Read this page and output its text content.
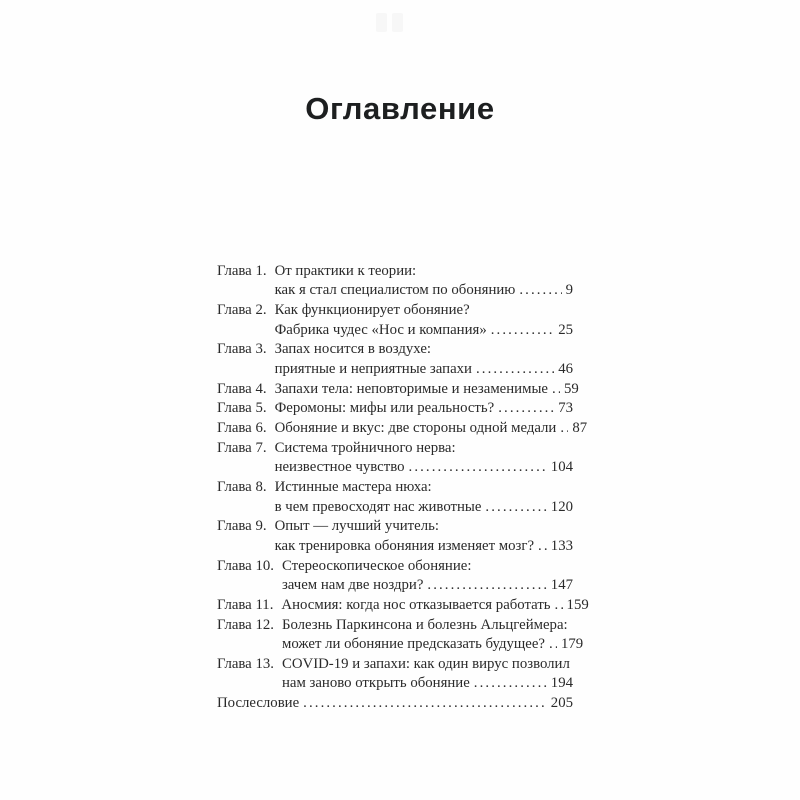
Оглавление
Глава 1. От практики к теории:
как я стал специалистом по обонянию .....	9
Глава 2. Как функционирует обоняние?
Фабрика чудес «Нос и компания» .....	25
Глава 3. Запах носится в воздухе:
приятные и неприятные запахи .....	46
Глава 4. Запахи тела: неповторимые и незаменимые ..... 59
Глава 5. Феромоны: мифы или реальность? .....	73
Глава 6. Обоняние и вкус: две стороны одной медали ..... 87
Глава 7. Система тройничного нерва:
неизвестное чувство .....	104
Глава 8. Истинные мастера нюха:
в чем превосходят нас животные .....	120
Глава 9. Опыт — лучший учитель:
как тренировка обоняния изменяет мозг? ..... 133
Глава 10. Стереоскопическое обоняние:
зачем нам две ноздри? .....	147
Глава 11. Аносмия: когда нос отказывается работать ..... 159
Глава 12. Болезнь Паркинсона и болезнь Альцгеймера:
может ли обоняние предсказать будущее? ..... 179
Глава 13. COVID-19 и запахи: как один вирус позволил
нам заново открыть обоняние .....	194
Послесловие .....	205
